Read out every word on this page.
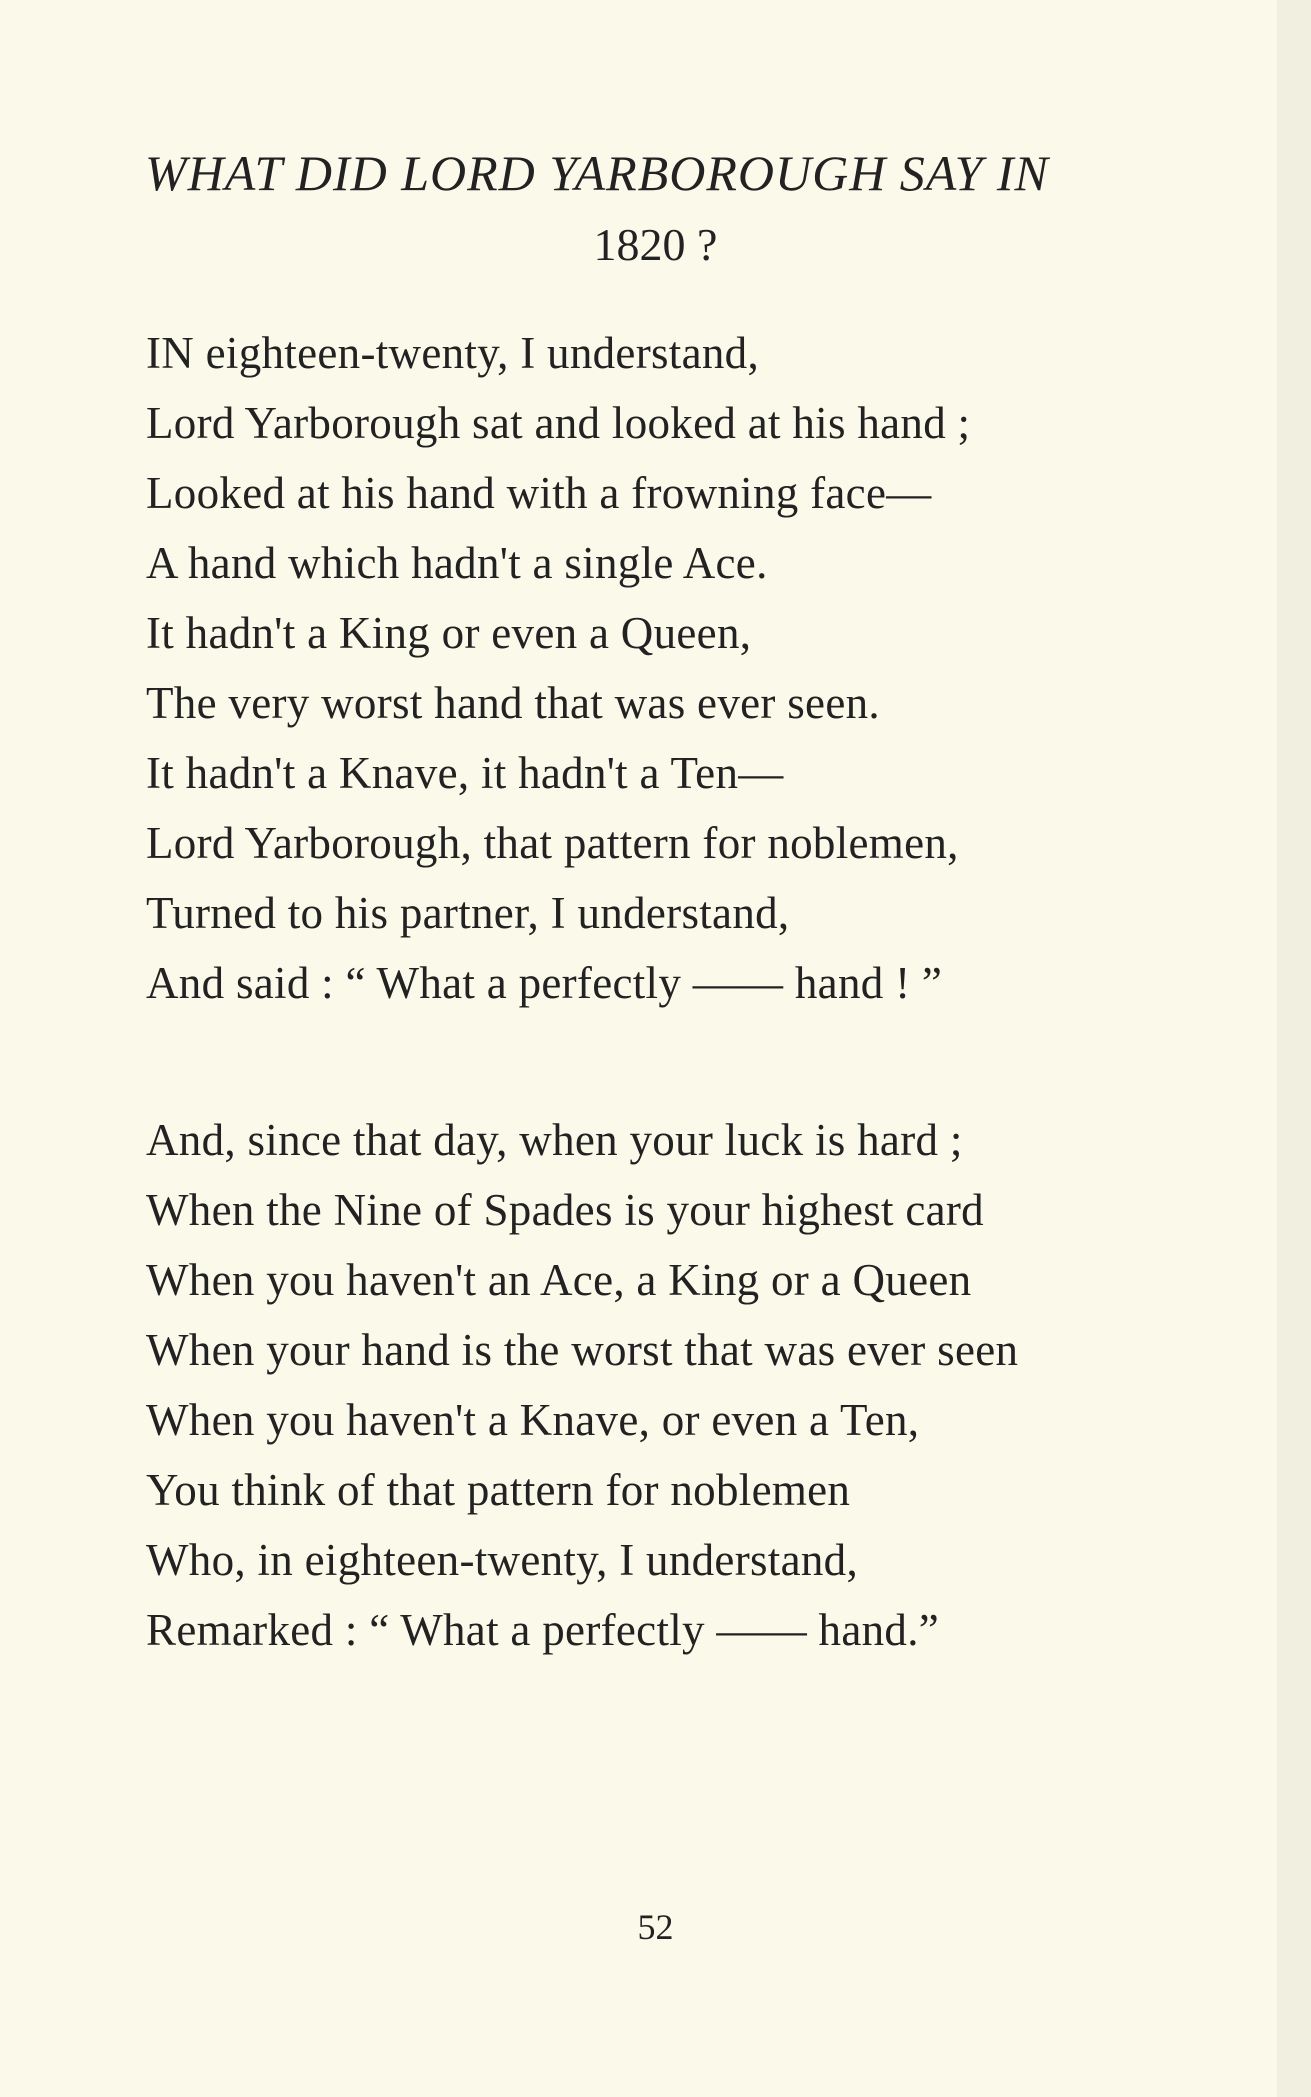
WHAT DID LORD YARBOROUGH SAY IN
1820 ?
IN eighteen-twenty, I understand,
Lord Yarborough sat and looked at his hand ;
Looked at his hand with a frowning face—
A hand which hadn't a single Ace.
It hadn't a King or even a Queen,
The very worst hand that was ever seen.
It hadn't a Knave, it hadn't a Ten—
Lord Yarborough, that pattern for noblemen,
Turned to his partner, I understand,
And said : “ What a perfectly —— hand ! ”
And, since that day, when your luck is hard ;
When the Nine of Spades is your highest card
When you haven't an Ace, a King or a Queen
When your hand is the worst that was ever seen
When you haven't a Knave, or even a Ten,
You think of that pattern for noblemen
Who, in eighteen-twenty, I understand,
Remarked : “ What a perfectly —— hand.”
52
